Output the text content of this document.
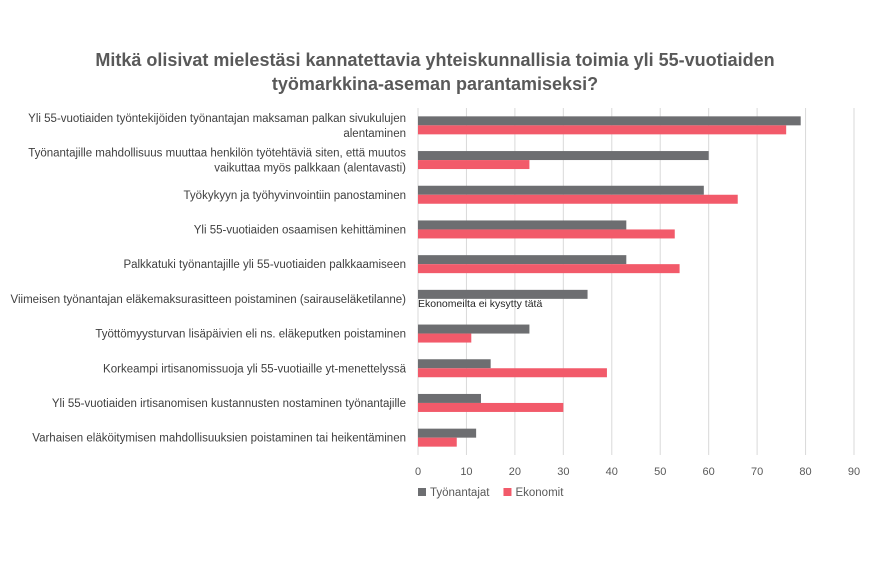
Mitkä olisivat mielestäsi kannatettavia yhteiskunnallisia toimia yli 55-vuotiaiden
työmarkkina-aseman parantamiseksi?
0	10	20	30	40	50	60	70	80	90
Yli 55-vuotiaiden työntekijöiden työnantajan maksaman palkan sivukulujen
alentaminen
Työnantajille mahdollisuus muuttaa henkilön työtehtäviä siten, että muutos
vaikuttaa myös palkkaan (alentavasti)
Työkykyyn ja työhyvinvointiin panostaminen
Yli 55-vuotiaiden osaamisen kehittäminen
Palkkatuki työnantajille yli 55-vuotiaiden palkkaamiseen
Viimeisen työnantajan eläkemaksurasitteen poistaminen (sairauseläketilanne)
Työttömyysturvan lisäpäivien eli ns. eläkeputken poistaminen
Korkeampi irtisanomissuoja yli 55-vuotiaille yt-menettelyssä
Yli 55-vuotiaiden irtisanomisen kustannusten nostaminen työnantajille
Varhaisen eläköitymisen mahdollisuuksien poistaminen tai heikentäminen
Ekonomeilta ei kysytty tätä
Työnantajat Ekonomit
